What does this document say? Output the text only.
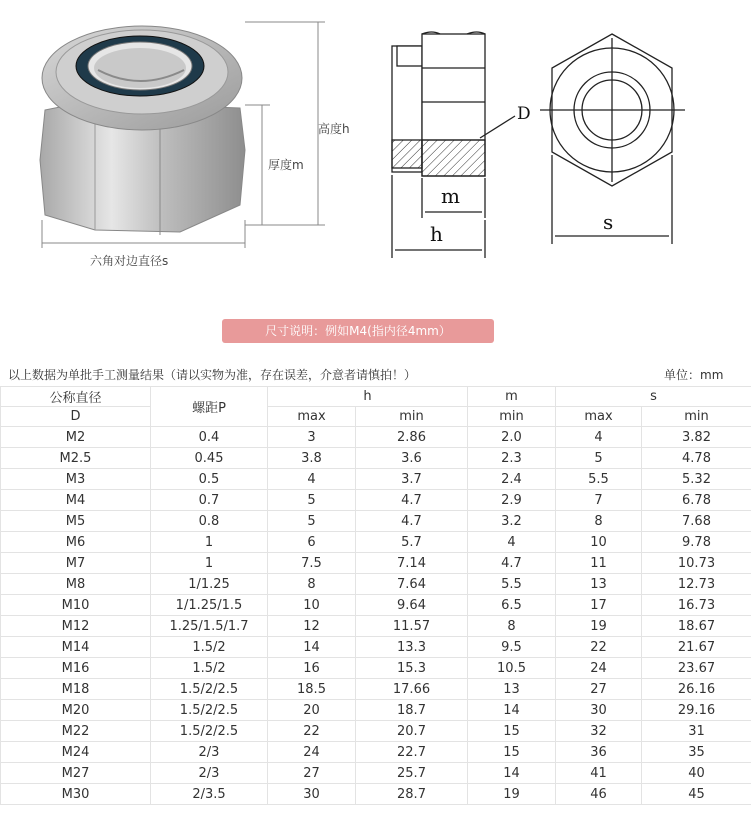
高度h
厚度m
六角对边直径s
D
m
h	s
尺寸说明：例如M4(指内径4mm）
以上数据为单批手工测量结果（请以实物为准，存在误差，介意者请慎拍！）	单位：mm
公称直径	螺距P	h		m	s	
D		max	min	min	max	min
M2	0.4	3	2.86	2.0	4	3.82
M2.5	0.45	3.8	3.6	2.3	5	4.78
M3	0.5	4	3.7	2.4	5.5	5.32
M4	0.7	5	4.7	2.9	7	6.78
M5	0.8	5	4.7	3.2	8	7.68
M6	1	6	5.7	4	10	9.78
M7	1	7.5	7.14	4.7	11	10.73
M8	1/1.25	8	7.64	5.5	13	12.73
M10	1/1.25/1.5	10	9.64	6.5	17	16.73
M12	1.25/1.5/1.7	12	11.57	8	19	18.67
M14	1.5/2	14	13.3	9.5	22	21.67
M16	1.5/2	16	15.3	10.5	24	23.67
M18	1.5/2/2.5	18.5	17.66	13	27	26.16
M20	1.5/2/2.5	20	18.7	14	30	29.16
M22	1.5/2/2.5	22	20.7	15	32	31
M24	2/3	24	22.7	15	36	35
M27	2/3	27	25.7	14	41	40
M30	2/3.5	30	28.7	19	46	45
